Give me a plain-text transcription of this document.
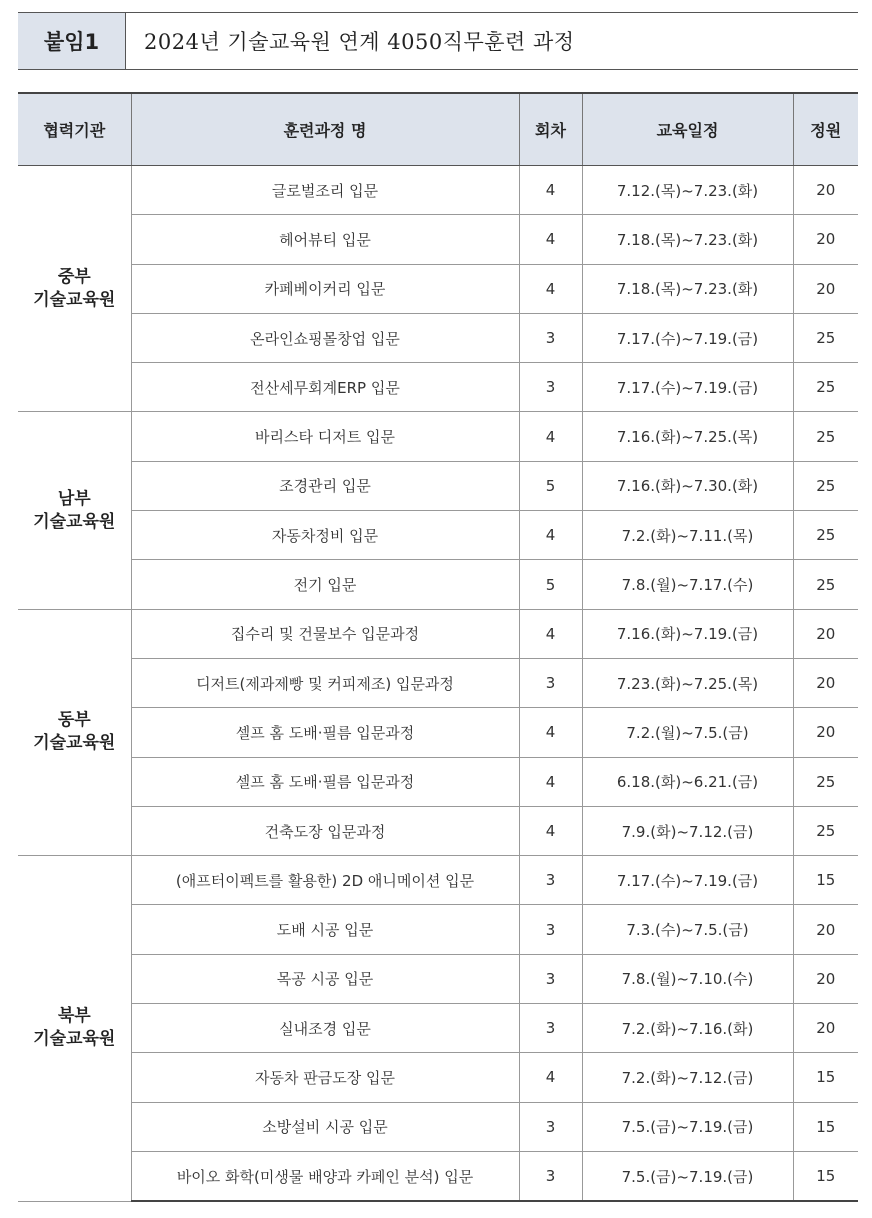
붙임1	2024년 기술교육원 연계 4050직무훈련 과정
협력기관	훈련과정 명	회차	교육일정	정원

중부
기술교육원	글로벌조리 입문	4	7.12.(목)~7.23.(화)	20
	헤어뷰티 입문	4	7.18.(목)~7.23.(화)	20
	카페베이커리 입문	4	7.18.(목)~7.23.(화)	20
	온라인쇼핑몰창업 입문	3	7.17.(수)~7.19.(금)	25
	전산세무회계ERP 입문	3	7.17.(수)~7.19.(금)	25

남부
기술교육원	바리스타 디저트 입문	4	7.16.(화)~7.25.(목)	25
	조경관리 입문	5	7.16.(화)~7.30.(화)	25
	자동차정비 입문	4	7.2.(화)~7.11.(목)	25
	전기 입문	5	7.8.(월)~7.17.(수)	25

동부
기술교육원	집수리 및 건물보수 입문과정	4	7.16.(화)~7.19.(금)	20
	디저트(제과제빵 및 커피제조) 입문과정	3	7.23.(화)~7.25.(목)	20
	셀프 홈 도배·필름 입문과정	4	7.2.(월)~7.5.(금)	20
	셀프 홈 도배·필름 입문과정	4	6.18.(화)~6.21.(금)	25
	건축도장 입문과정	4	7.9.(화)~7.12.(금)	25

북부
기술교육원	(애프터이펙트를 활용한) 2D 애니메이션 입문	3	7.17.(수)~7.19.(금)	15
	도배 시공 입문	3	7.3.(수)~7.5.(금)	20
	목공 시공 입문	3	7.8.(월)~7.10.(수)	20
	실내조경 입문	3	7.2.(화)~7.16.(화)	20
	자동차 판금도장 입문	4	7.2.(화)~7.12.(금)	15
	소방설비 시공 입문	3	7.5.(금)~7.19.(금)	15
	바이오 화학(미생물 배양과 카페인 분석) 입문	3	7.5.(금)~7.19.(금)	15
